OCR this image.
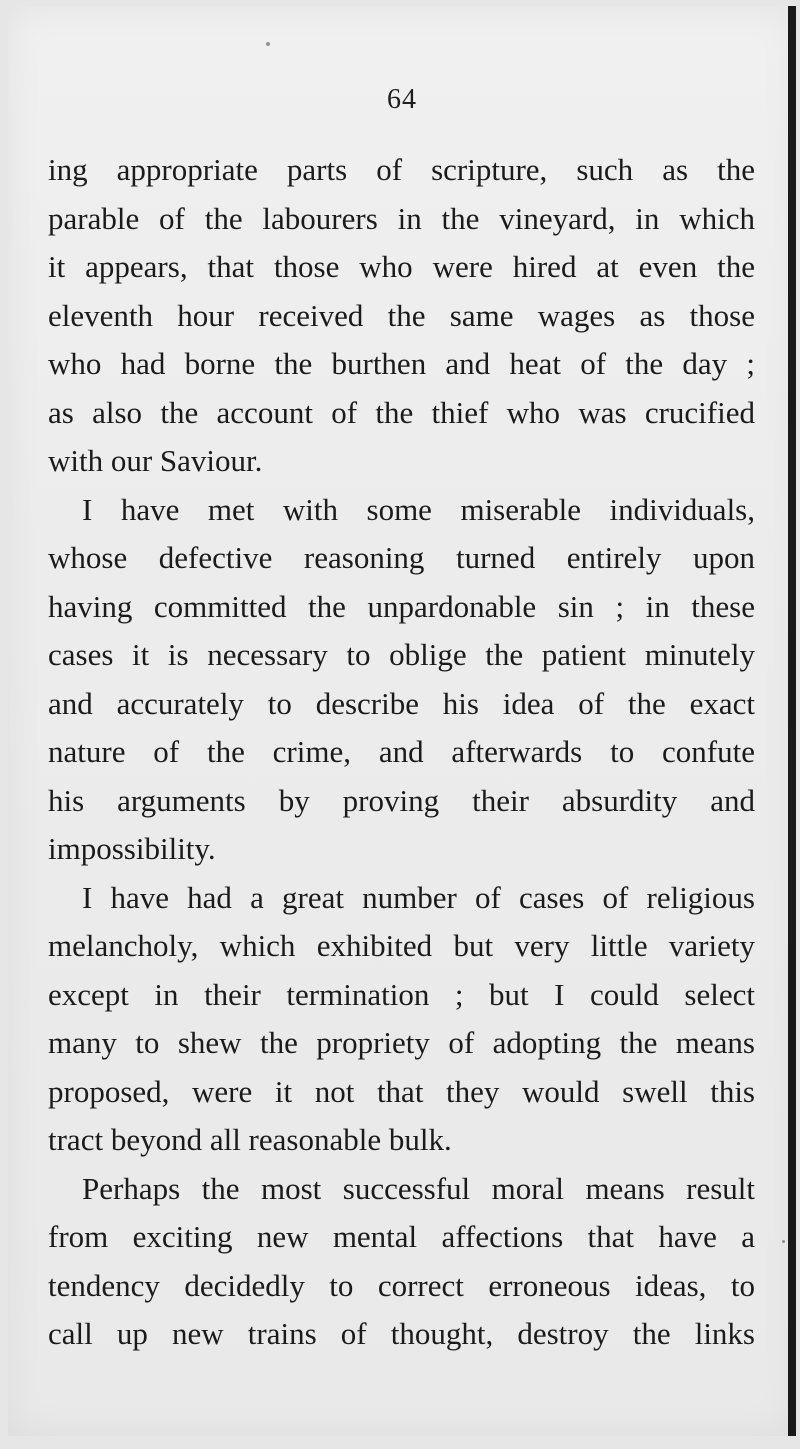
64

ing appropriate parts of scripture, such as the
parable of the labourers in the vineyard, in which
it appears, that those who were hired at even the
eleventh hour received the same wages as those
who had borne the burthen and heat of the day ;
as also the account of the thief who was crucified
with our Saviour.

I have met with some miserable individuals,
whose defective reasoning turned entirely upon
having committed the unpardonable sin ; in these
cases it is necessary to oblige the patient minutely
and accurately to describe his idea of the exact
nature of the crime, and afterwards to confute
his arguments by proving their absurdity and
impossibility.

I have had a great number of cases of religious
melancholy, which exhibited but very little variety
except in their termination ; but I could select
many to shew the propriety of adopting the means
proposed, were it not that they would swell this
tract beyond all reasonable bulk.

Perhaps the most successful moral means result
from exciting new mental affections that have a
tendency decidedly to correct erroneous ideas, to
call up new trains of thought, destroy the links
